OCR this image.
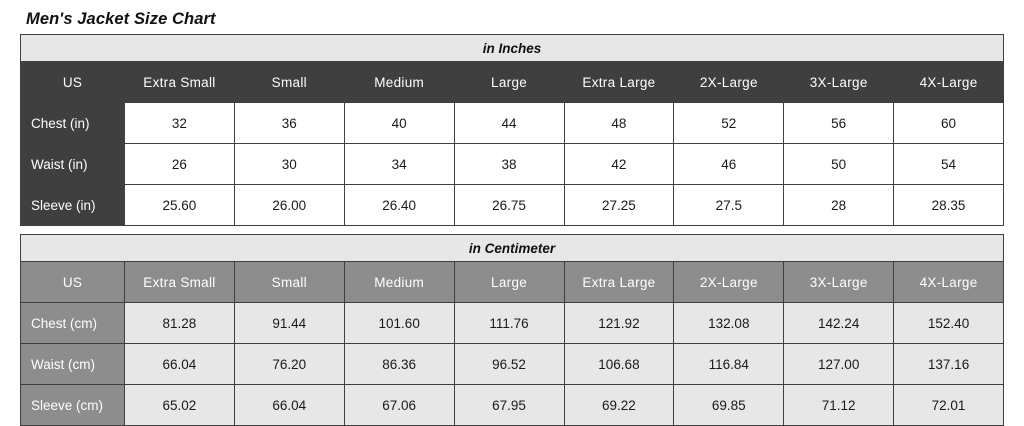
Men's Jacket Size Chart
in Inches								
US	Extra Small	Small	Medium	Large	Extra Large	2X-Large	3X-Large	4X-Large
Chest (in)	32	36	40	44	48	52	56	60
Waist (in)	26	30	34	38	42	46	50	54
Sleeve (in)	25.60	26.00	26.40	26.75	27.25	27.5	28	28.35
in Centimeter								
US	Extra Small	Small	Medium	Large	Extra Large	2X-Large	3X-Large	4X-Large
Chest (cm)	81.28	91.44	101.60	111.76	121.92	132.08	142.24	152.40
Waist (cm)	66.04	76.20	86.36	96.52	106.68	116.84	127.00	137.16
Sleeve (cm)	65.02	66.04	67.06	67.95	69.22	69.85	71.12	72.01
